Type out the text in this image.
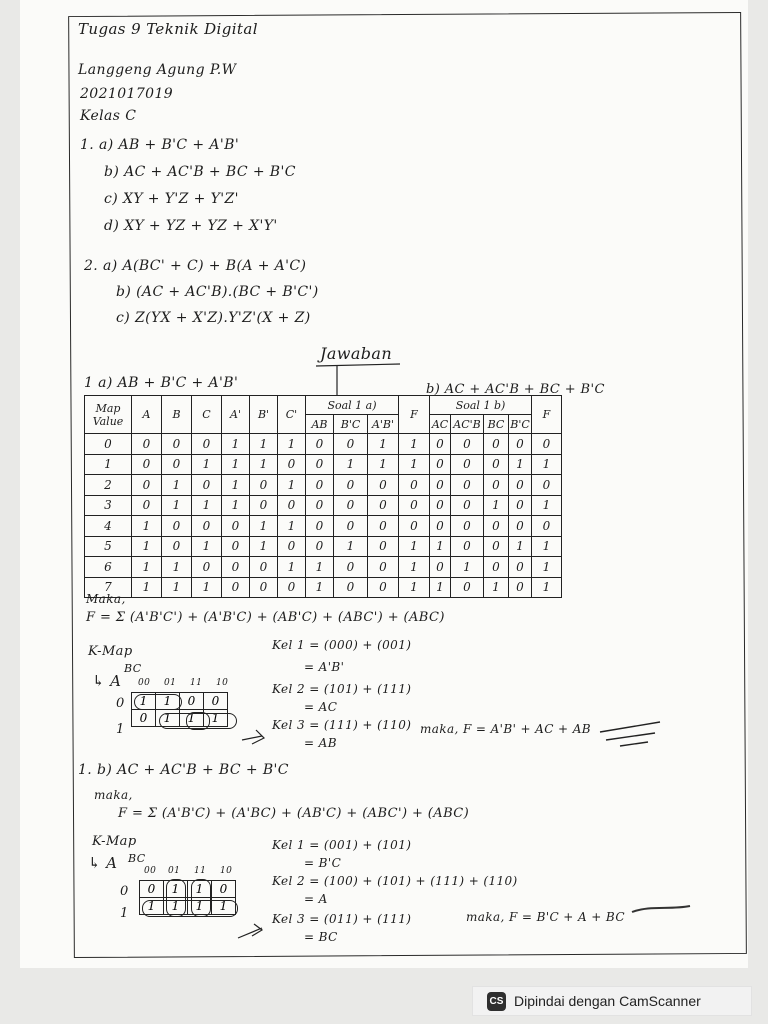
Tugas 9 Teknik Digital
Langgeng Agung P.W
2021017019
Kelas C
1. a) AB + B'C + A'B'
b) AC + AC'B + BC + B'C
c) XY + Y'Z + Y'Z'
d) XY + YZ + YZ + X'Y'
2. a) A(BC' + C) + B(A + A'C)
b) (AC + AC'B).(BC + B'C')
c) Z(YX + X'Z).Y'Z'(X + Z)
Jawaban
1 a) AB + B'C + A'B'	b) AC + AC'B + BC + B'C
Map Value	A	B	C	A'	B'	C'	Soal 1 a)			F	Soal 1 b)				F
							AB	B'C	A'B'		AC	AC'B	BC	B'C	
0	0	0	0	1	1	1	0	0	1	1	0	0	0	0	0
1	0	0	1	1	1	0	0	1	1	1	0	0	0	1	1
2	0	1	0	1	0	1	0	0	0	0	0	0	0	0	0
3	0	1	1	1	0	0	0	0	0	0	0	0	1	0	1
4	1	0	0	0	1	1	0	0	0	0	0	0	0	0	0
5	1	0	1	0	1	0	0	1	0	1	1	0	0	1	1
6	1	1	0	0	0	1	1	0	0	1	0	1	0	0	1
7	1	1	1	0	0	0	1	0	0	1	1	0	1	0	1
Maka,
F = Σ (A'B'C') + (A'B'C) + (AB'C) + (ABC') + (ABC)
K-Map
↳ A
BC
00 01 11 10
0
1
1	1	0	0
0	1	1	1
Kel 1 = (000) + (001)
= A'B'
Kel 2 = (101) + (111)
= AC
Kel 3 = (111) + (110)
= AB
maka, F = A'B' + AC + AB
1. b) AC + AC'B + BC + B'C
maka,
F = Σ (A'B'C) + (A'BC) + (AB'C) + (ABC') + (ABC)
K-Map
↳ A BC
00 01 11 10
0
1
0	1	1	0
1	1	1	1
Kel 1 = (001) + (101)
= B'C
Kel 2 = (100) + (101) + (111) + (110)
= A
Kel 3 = (011) + (111)
= BC
maka, F = B'C + A + BC
CS Dipindai dengan CamScanner
